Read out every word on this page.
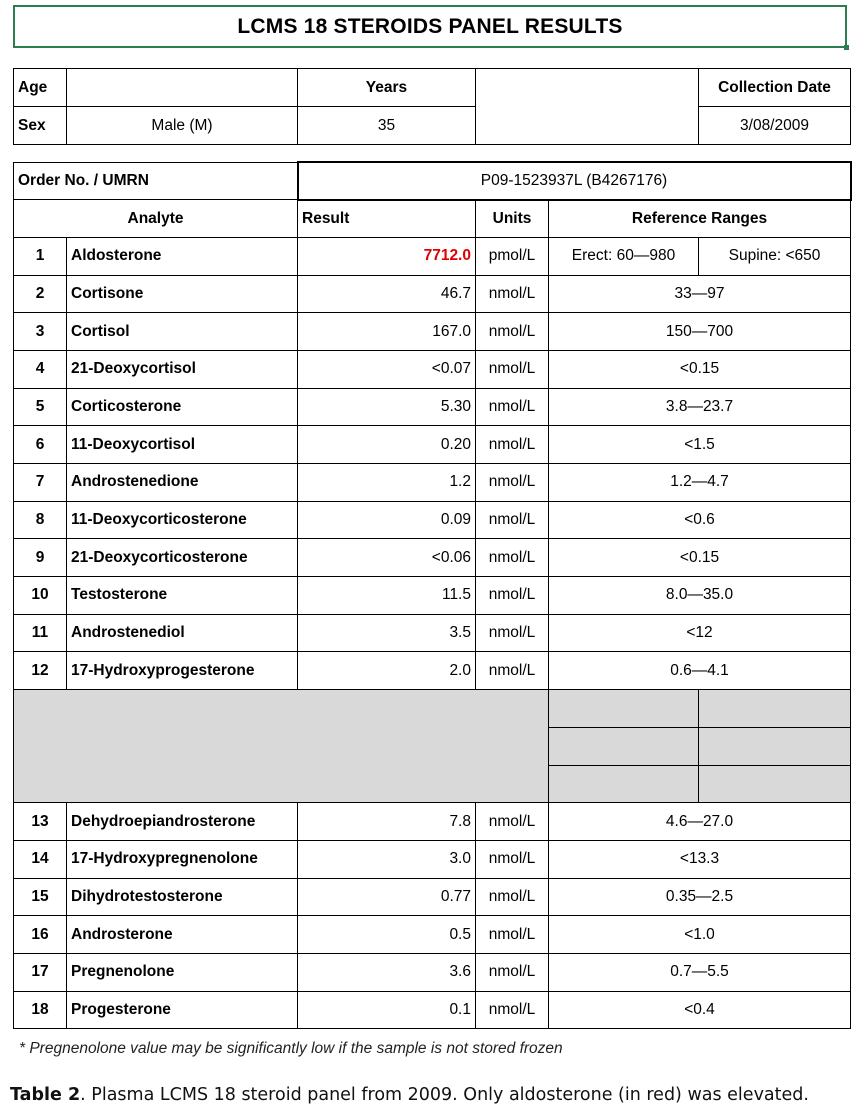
LCMS 18 STEROIDS PANEL RESULTS
Age		Years		Collection Date
Sex	Male (M)	35		3/08/2009
Order No. / UMRN		P09-1523937L (B4267176)			
Analyte		Result	Units	Reference Ranges	
1	Aldosterone	7712.0	pmol/L	Erect: 60—980	Supine: <650
2	Cortisone	46.7	nmol/L	33—97	
3	Cortisol	167.0	nmol/L	150—700	
4	21-Deoxycortisol	<0.07	nmol/L	<0.15	
5	Corticosterone	5.30	nmol/L	3.8—23.7	
6	11-Deoxycortisol	0.20	nmol/L	<1.5	
7	Androstenedione	1.2	nmol/L	1.2—4.7	
8	11-Deoxycorticosterone	0.09	nmol/L	<0.6	
9	21-Deoxycorticosterone	<0.06	nmol/L	<0.15	
10	Testosterone	11.5	nmol/L	8.0—35.0	
11	Androstenediol	3.5	nmol/L	<12	
12	17-Hydroxyprogesterone	2.0	nmol/L	0.6—4.1	

13	Dehydroepiandrosterone	7.8	nmol/L	4.6—27.0	
14	17-Hydroxypregnenolone	3.0	nmol/L	<13.3	
15	Dihydrotestosterone	0.77	nmol/L	0.35—2.5	
16	Androsterone	0.5	nmol/L	<1.0	
17	Pregnenolone	3.6	nmol/L	0.7—5.5	
18	Progesterone	0.1	nmol/L	<0.4	
* Pregnenolone value may be significantly low if the sample is not stored frozen
Table 2. Plasma LCMS 18 steroid panel from 2009. Only aldosterone (in red) was elevated.
